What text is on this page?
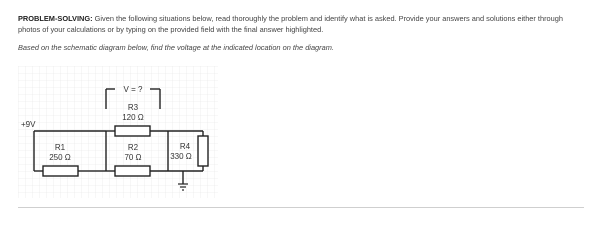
PROBLEM-SOLVING: Given the following situations below, read thoroughly the problem and identify what is asked. Provide your answers and solutions either through photos of your calculations or by typing on the provided field with the final answer highlighted.
Based on the schematic diagram below, find the voltage at the indicated location on the diagram.
+9V
V = ?
R1
250 Ω
R2
70 Ω
R3
120 Ω
R4
330 Ω
